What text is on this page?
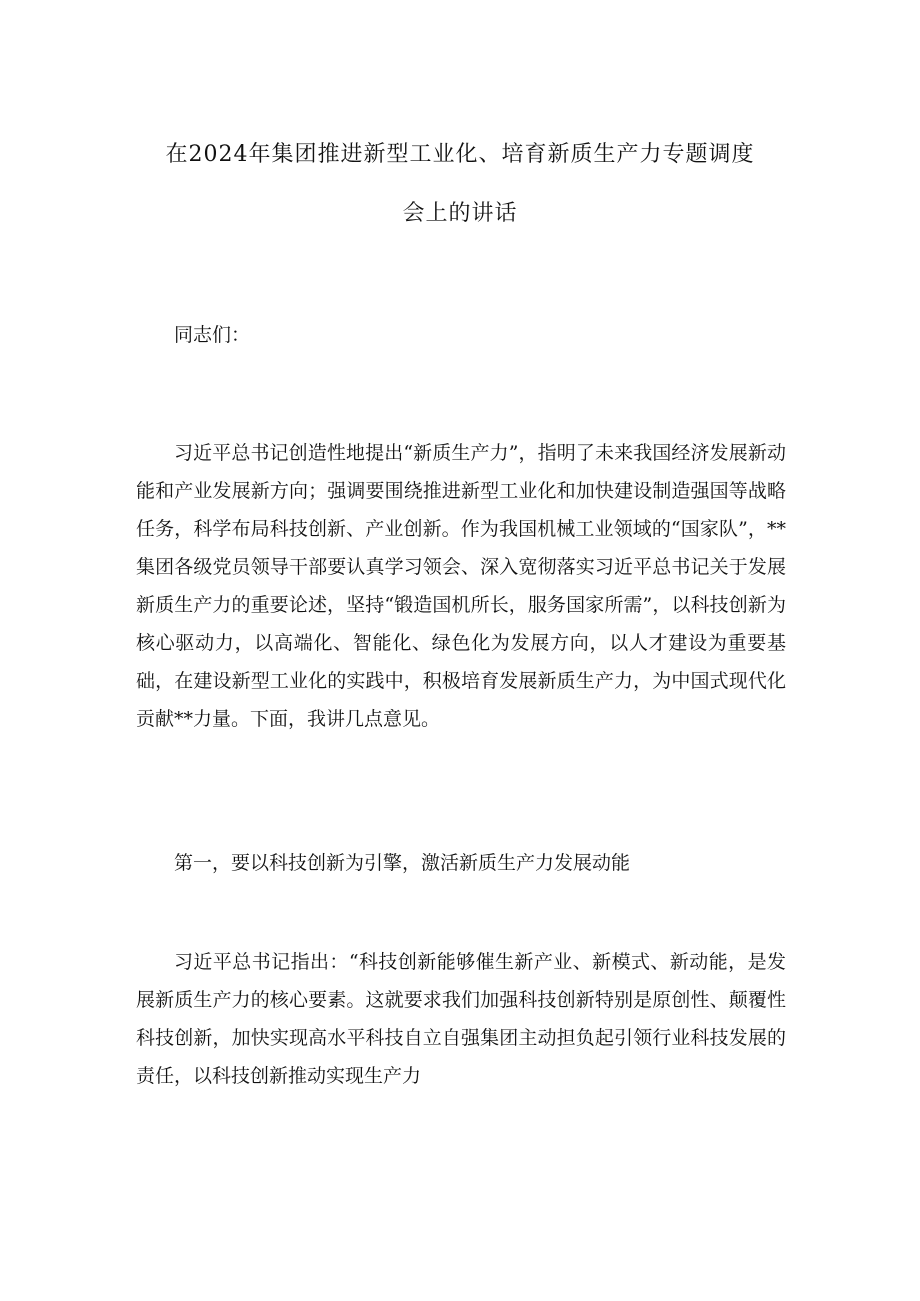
在2024年集团推进新型工业化、培育新质生产力专题调度
会上的讲话

同志们：

习近平总书记创造性地提出“新质生产力”，指明了未来我国经济发展新动能和产业发展新方向；强调要围绕推进新型工业化和加快建设制造强国等战略任务，科学布局科技创新、产业创新。作为我国机械工业领域的“国家队”，**集团各级党员领导干部要认真学习领会、深入宽彻落实习近平总书记关于发展新质生产力的重要论述，坚持“锻造国机所长，服务国家所需”，以科技创新为核心驱动力，以高端化、智能化、绿色化为发展方向，以人才建设为重要基础，在建设新型工业化的实践中，积极培育发展新质生产力，为中国式现代化贡献**力量。下面，我讲几点意见。

第一，要以科技创新为引擎，激活新质生产力发展动能

习近平总书记指出：“科技创新能够催生新产业、新模式、新动能，是发展新质生产力的核心要素。这就要求我们加强科技创新特别是原创性、颠覆性科技创新，加快实现高水平科技自立自强集团主动担负起引领行业科技发展的责任，以科技创新推动实现生产力
